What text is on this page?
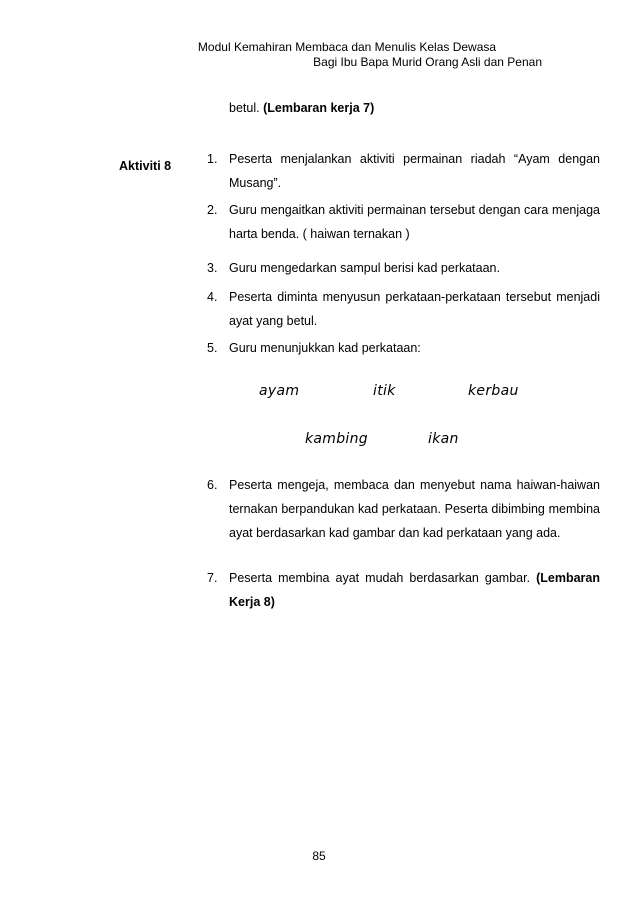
Modul Kemahiran Membaca dan Menulis Kelas Dewasa
Bagi Ibu Bapa Murid Orang Asli dan Penan
betul. (Lembaran kerja 7)
Aktiviti 8	1. Peserta menjalankan aktiviti permainan riadah “Ayam dengan Musang”.
2. Guru mengaitkan aktiviti permainan tersebut dengan cara menjaga harta benda. ( haiwan ternakan )
3. Guru mengedarkan sampul berisi kad perkataan.
4. Peserta diminta menyusun perkataan-perkataan tersebut menjadi ayat yang betul.
5. Guru menunjukkan kad perkataan:
6. Peserta mengeja, membaca dan menyebut nama haiwan-haiwan ternakan berpandukan kad perkataan. Peserta dibimbing membina ayat berdasarkan kad gambar dan kad perkataan yang ada.
7. Peserta membina ayat mudah berdasarkan gambar. (Lembaran Kerja 8)
ayam	itik	kerbau
kambing	ikan
85
